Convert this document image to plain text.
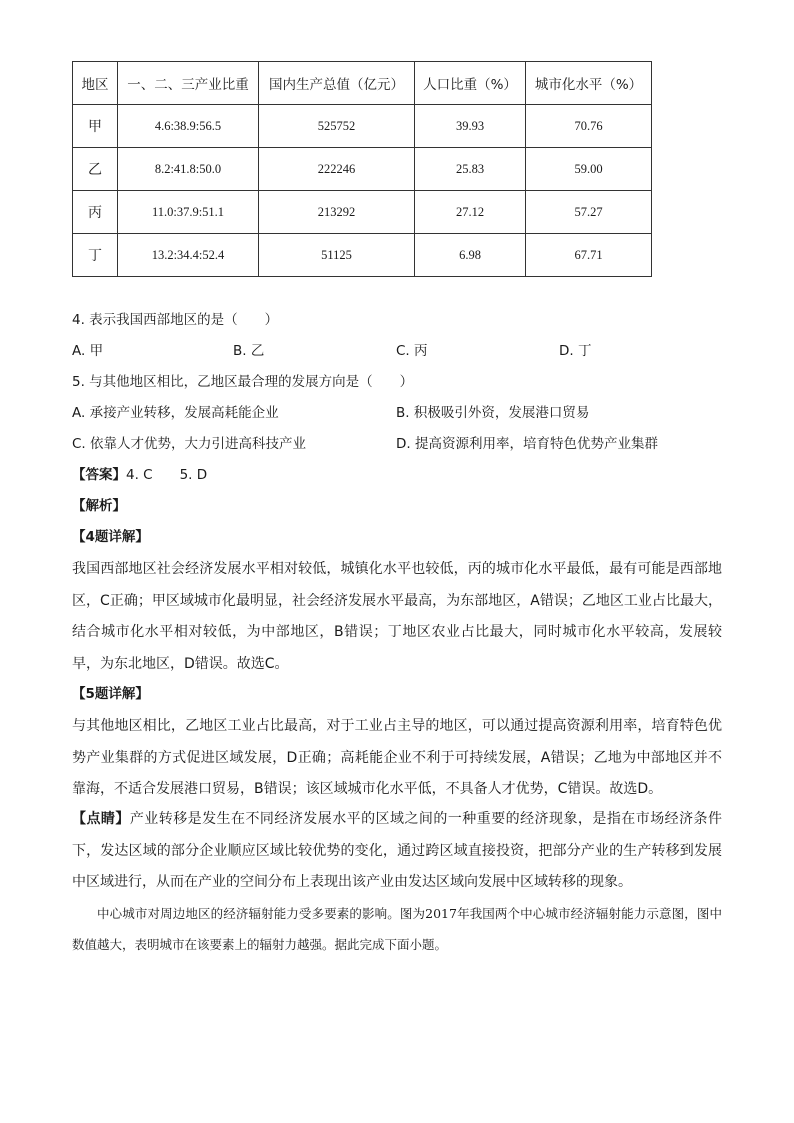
地区	一、二、三产业比重	国内生产总值（亿元）	人口比重（%）	城市化水平（%）
甲	4.6:38.9:56.5	525752	39.93	70.76
乙	8.2:41.8:50.0	222246	25.83	59.00
丙	11.0:37.9:51.1	213292	27.12	57.27
丁	13.2:34.4:52.4	51125	6.98	67.71
4. 表示我国西部地区的是（　　）
A. 甲	B. 乙	C. 丙	D. 丁
5. 与其他地区相比，乙地区最合理的发展方向是（　　）
A. 承接产业转移，发展高耗能企业	B. 积极吸引外资，发展港口贸易
C. 依靠人才优势，大力引进高科技产业	D. 提高资源利用率，培育特色优势产业集群
【答案】4. C　　5. D
【解析】
【4题详解】

我国西部地区社会经济发展水平相对较低，城镇化水平也较低，丙的城市化水平最低，最有可能是西部地区，C正确；甲区域城市化最明显，社会经济发展水平最高，为东部地区，A错误；乙地区工业占比最大，结合城市化水平相对较低，为中部地区，B错误；丁地区农业占比最大，同时城市化水平较高，发展较早，为东北地区，D错误。故选C。

【5题详解】

与其他地区相比，乙地区工业占比最高，对于工业占主导的地区，可以通过提高资源利用率，培育特色优势产业集群的方式促进区域发展，D正确；高耗能企业不利于可持续发展，A错误；乙地为中部地区并不靠海，不适合发展港口贸易，B错误；该区域城市化水平低，不具备人才优势，C错误。故选D。

【点睛】产业转移是发生在不同经济发展水平的区域之间的一种重要的经济现象，是指在市场经济条件下，发达区域的部分企业顺应区域比较优势的变化，通过跨区域直接投资，把部分产业的生产转移到发展中区域进行，从而在产业的空间分布上表现出该产业由发达区域向发展中区域转移的现象。

中心城市对周边地区的经济辐射能力受多要素的影响。图为2017年我国两个中心城市经济辐射能力示意图，图中数值越大，表明城市在该要素上的辐射力越强。据此完成下面小题。
